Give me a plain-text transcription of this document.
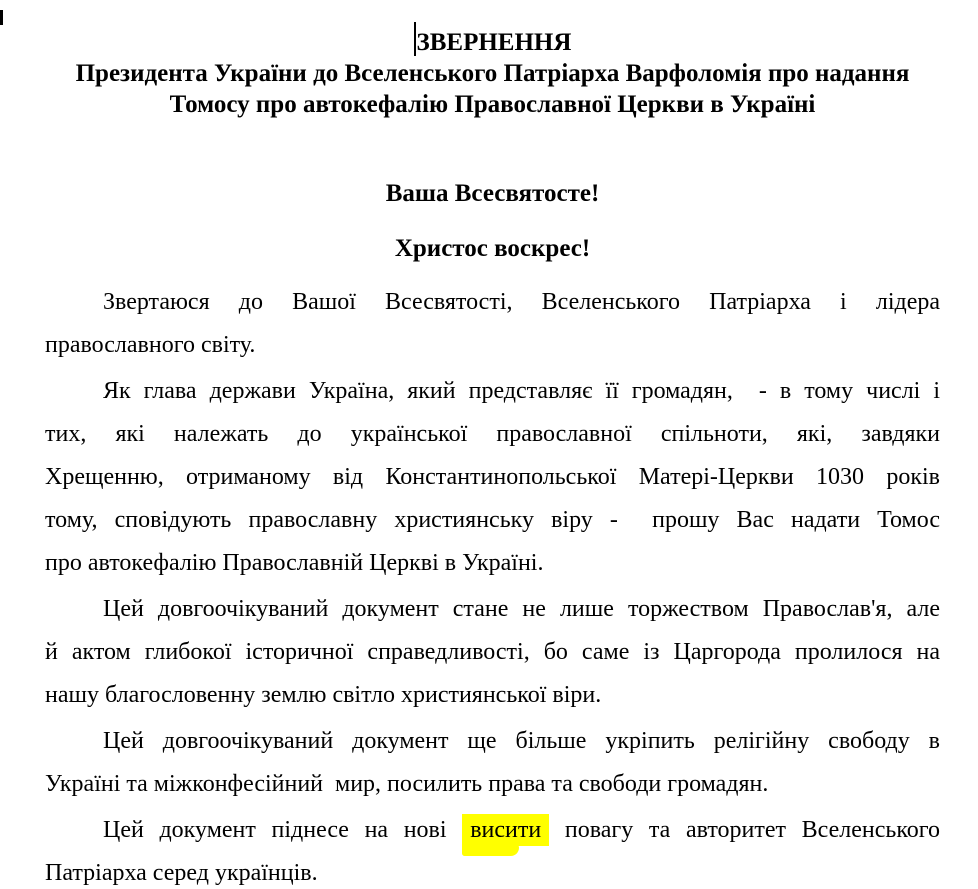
ЗВЕРНЕННЯ
Президента України до Вселенського Патріарха Варфоломія про надання
Томосу про автокефалію Православної Церкви в Україні
Ваша Всесвятосте!
Христос воскрес!
Звертаюся до Вашої Всесвятості, Вселенського Патріарха і лідера
православного світу.
Як глава держави Україна, який представляє її громадян,  - в тому числі і
тих, які належать до української православної спільноти, які, завдяки
Хрещенню, отриманому від Константинопольської Матері-Церкви 1030 років
тому, сповідують православну християнську віру -  прошу Вас надати Томос
про автокефалію Православній Церкві в Україні.
Цей довгоочікуваний документ стане не лише торжеством Православ'я, але
й актом глибокої історичної справедливості, бо саме із Царгорода пролилося на
нашу благословенну землю світло християнської віри.
Цей довгоочікуваний документ ще більше укріпить релігійну свободу в
Україні та міжконфесійний  мир, посилить права та свободи громадян.
Цей документ піднесе на нові висити повагу та авторитет Вселенського
Патріарха серед українців.
